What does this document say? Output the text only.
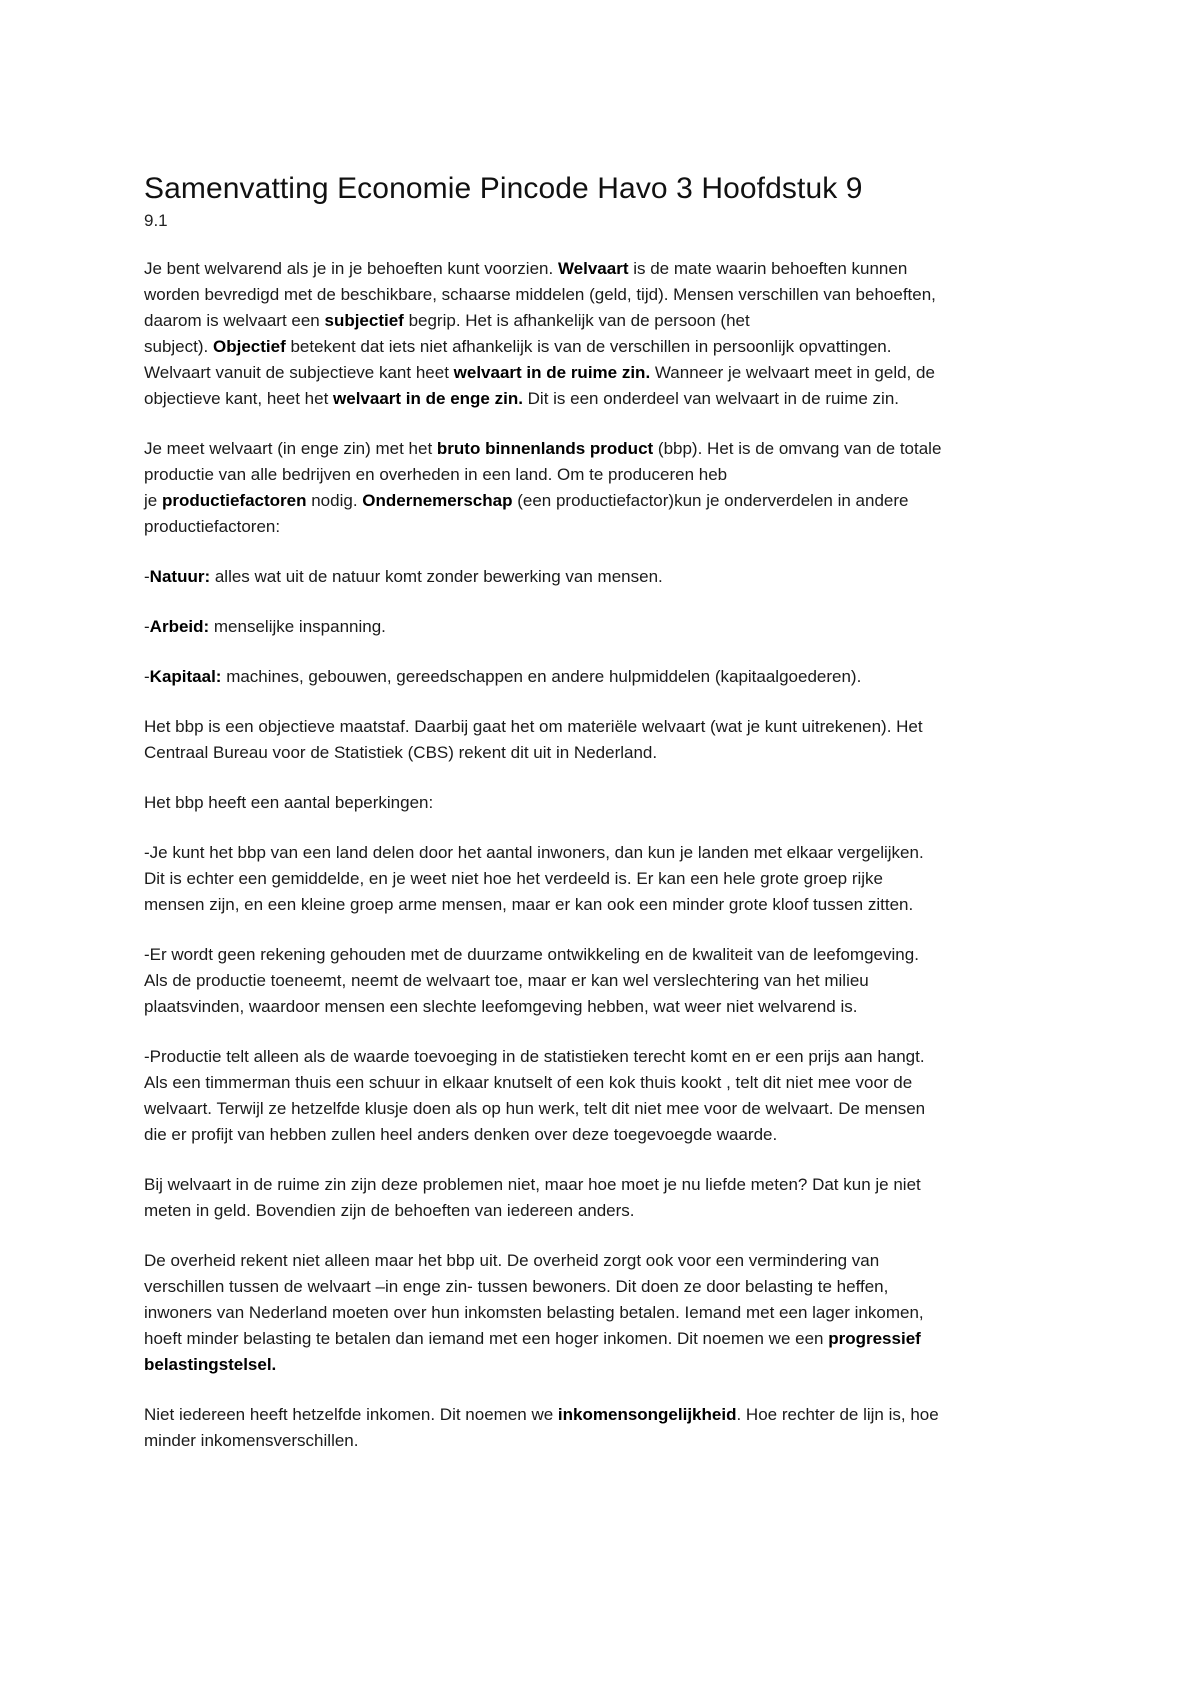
Samenvatting Economie Pincode Havo 3 Hoofdstuk 9
9.1

Je bent welvarend als je in je behoeften kunt voorzien. Welvaart is de mate waarin behoeften kunnen
worden bevredigd met de beschikbare, schaarse middelen (geld, tijd). Mensen verschillen van behoeften,
daarom is welvaart een subjectief begrip. Het is afhankelijk van de persoon (het
subject). Objectief betekent dat iets niet afhankelijk is van de verschillen in persoonlijk opvattingen.
Welvaart vanuit de subjectieve kant heet welvaart in de ruime zin. Wanneer je welvaart meet in geld, de
objectieve kant, heet het welvaart in de enge zin. Dit is een onderdeel van welvaart in de ruime zin.

Je meet welvaart (in enge zin) met het bruto binnenlands product (bbp). Het is de omvang van de totale
productie van alle bedrijven en overheden in een land. Om te produceren heb
je productiefactoren nodig. Ondernemerschap (een productiefactor)kun je onderverdelen in andere
productiefactoren:

-Natuur: alles wat uit de natuur komt zonder bewerking van mensen.

-Arbeid: menselijke inspanning.

-Kapitaal: machines, gebouwen, gereedschappen en andere hulpmiddelen (kapitaalgoederen).

Het bbp is een objectieve maatstaf. Daarbij gaat het om materiële welvaart (wat je kunt uitrekenen). Het
Centraal Bureau voor de Statistiek (CBS) rekent dit uit in Nederland.

Het bbp heeft een aantal beperkingen:

-Je kunt het bbp van een land delen door het aantal inwoners, dan kun je landen met elkaar vergelijken.
Dit is echter een gemiddelde, en je weet niet hoe het verdeeld is. Er kan een hele grote groep rijke
mensen zijn, en een kleine groep arme mensen, maar er kan ook een minder grote kloof tussen zitten.

-Er wordt geen rekening gehouden met de duurzame ontwikkeling en de kwaliteit van de leefomgeving.
Als de productie toeneemt, neemt de welvaart toe, maar er kan wel verslechtering van het milieu
plaatsvinden, waardoor mensen een slechte leefomgeving hebben, wat weer niet welvarend is.

-Productie telt alleen als de waarde toevoeging in de statistieken terecht komt en er een prijs aan hangt.
Als een timmerman thuis een schuur in elkaar knutselt of een kok thuis kookt , telt dit niet mee voor de
welvaart. Terwijl ze hetzelfde klusje doen als op hun werk, telt dit niet mee voor de welvaart. De mensen
die er profijt van hebben zullen heel anders denken over deze toegevoegde waarde.

Bij welvaart in de ruime zin zijn deze problemen niet, maar hoe moet je nu liefde meten? Dat kun je niet
meten in geld. Bovendien zijn de behoeften van iedereen anders.

De overheid rekent niet alleen maar het bbp uit. De overheid zorgt ook voor een vermindering van
verschillen tussen de welvaart –in enge zin- tussen bewoners. Dit doen ze door belasting te heffen,
inwoners van Nederland moeten over hun inkomsten belasting betalen. Iemand met een lager inkomen,
hoeft minder belasting te betalen dan iemand met een hoger inkomen. Dit noemen we een progressief
belastingstelsel.

Niet iedereen heeft hetzelfde inkomen. Dit noemen we inkomensongelijkheid. Hoe rechter de lijn is, hoe
minder inkomensverschillen.
